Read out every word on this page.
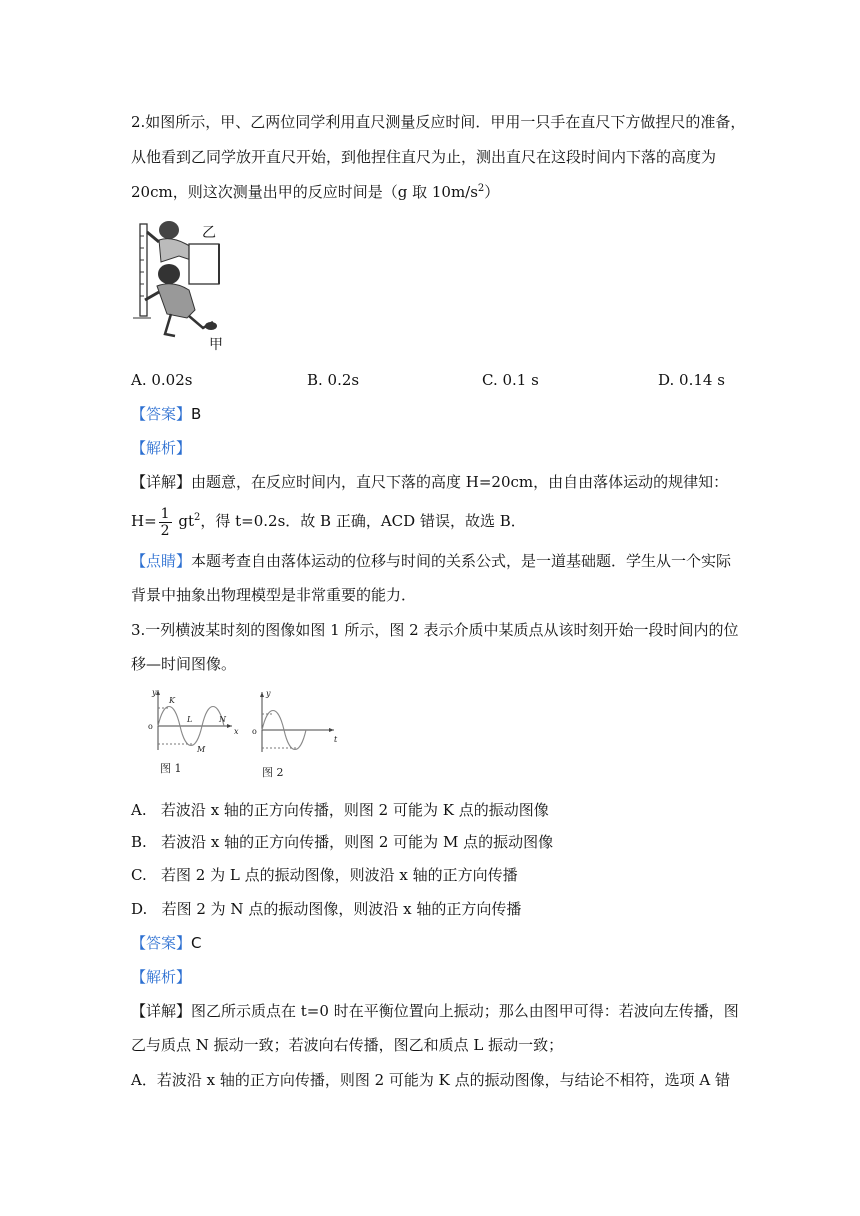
2.如图所示，甲、乙两位同学利用直尺测量反应时间．甲用一只手在直尺下方做捏尺的准备，
从他看到乙同学放开直尺开始，到他捏住直尺为止，测出直尺在这段时间内下落的高度为
20cm，则这次测量出甲的反应时间是（g 取 $10m/s^2$）
乙
甲
A. 0.02s	B. 0.2s	C. 0.1 s	D. 0.14 s
【答案】B
【解析】
【详解】由题意，在反应时间内，直尺下落的高度 H=20cm，由自由落体运动的规律知：
$H= \frac{1}{2} gt^2$，得 t=0.2s．故 B 正确，ACD 错误，故选 B．
【点睛】本题考查自由落体运动的位移与时间的关系公式，是一道基础题．学生从一个实际
背景中抽象出物理模型是非常重要的能力．
3.一列横波某时刻的图像如图 1 所示，图 2 表示介质中某质点从该时刻开始一段时间内的位
移—时间图像。
y
x
o
K
L
M
N
图 1
y
t
o
图 2
A. 若波沿 x 轴的正方向传播，则图 2 可能为 K 点的振动图像
B. 若波沿 x 轴的正方向传播，则图 2 可能为 M 点的振动图像
C. 若图 2 为 L 点的振动图像，则波沿 x 轴的正方向传播
D. 若图 2 为 N 点的振动图像，则波沿 x 轴的正方向传播
【答案】C
【解析】
【详解】图乙所示质点在 t=0 时在平衡位置向上振动；那么由图甲可得：若波向左传播，图
乙与质点 N 振动一致；若波向右传播，图乙和质点 L 振动一致；
A．若波沿 x 轴的正方向传播，则图 2 可能为 K 点的振动图像，与结论不相符，选项 A 错
